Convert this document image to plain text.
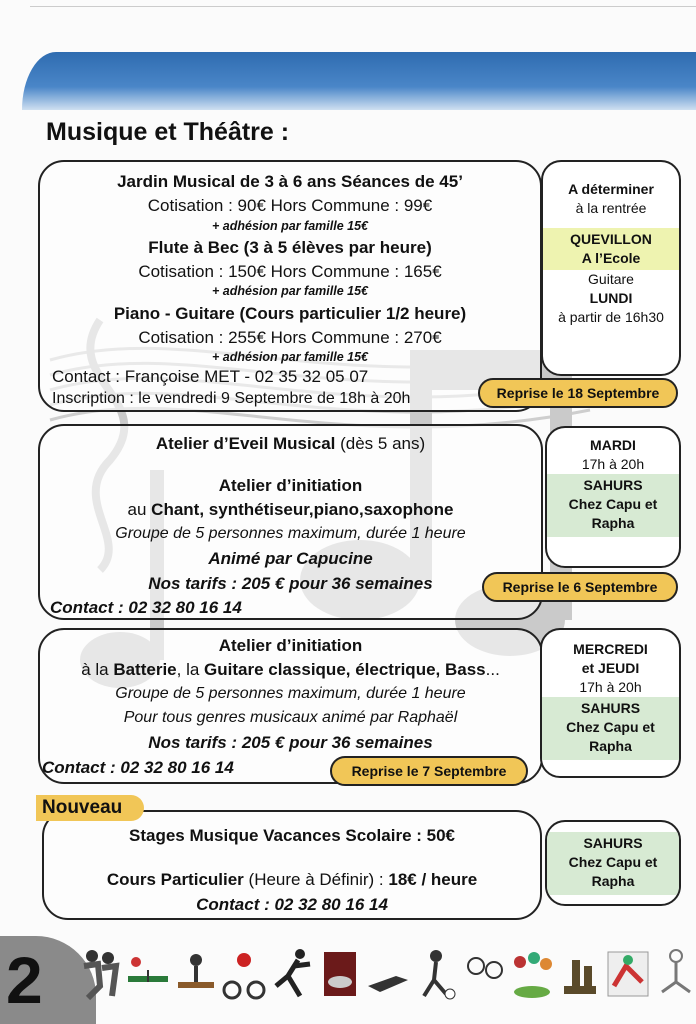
Musique et Théâtre :
Jardin Musical de 3 à 6 ans Séances de 45’
Cotisation : 90€ Hors Commune : 99€
+ adhésion par famille 15€
Flute à Bec (3 à 5 élèves par heure)
Cotisation : 150€ Hors Commune : 165€
+ adhésion par famille 15€
Piano - Guitare (Cours particulier 1/2 heure)
Cotisation : 255€ Hors Commune : 270€
+ adhésion par famille 15€
Contact : Françoise MET - 02 35 32 05 07
Inscription : le vendredi 9 Septembre de 18h à 20h	Reprise le 18 Septembre
A déterminer
à la rentrée
QUEVILLON
A l’Ecole
Guitare
LUNDI
à partir de 16h30
Atelier d’Eveil Musical (dès 5 ans)
Atelier d’initiation
au Chant, synthétiseur,piano,saxophone
Groupe de 5 personnes maximum, durée 1 heure
Animé par Capucine
Nos tarifs : 205 € pour 36 semaines
Contact : 02 32 80 16 14
Reprise le 6 Septembre
MARDI
17h à 20h
SAHURS
Chez Capu et
Rapha
Atelier d’initiation
à la Batterie, la Guitare classique, électrique, Bass...
Groupe de 5 personnes maximum, durée 1 heure
Pour tous genres musicaux animé par Raphaël
Nos tarifs : 205 € pour 36 semaines
Contact : 02 32 80 16 14	Reprise le 7 Septembre
MERCREDI
et JEUDI
17h à 20h
SAHURS
Chez Capu et
Rapha
Stages Musique Vacances Scolaire : 50€
Cours Particulier (Heure à Définir) : 18€ / heure
Contact : 02 32 80 16 14
Nouveau
SAHURS
Chez Capu et
Rapha
2
